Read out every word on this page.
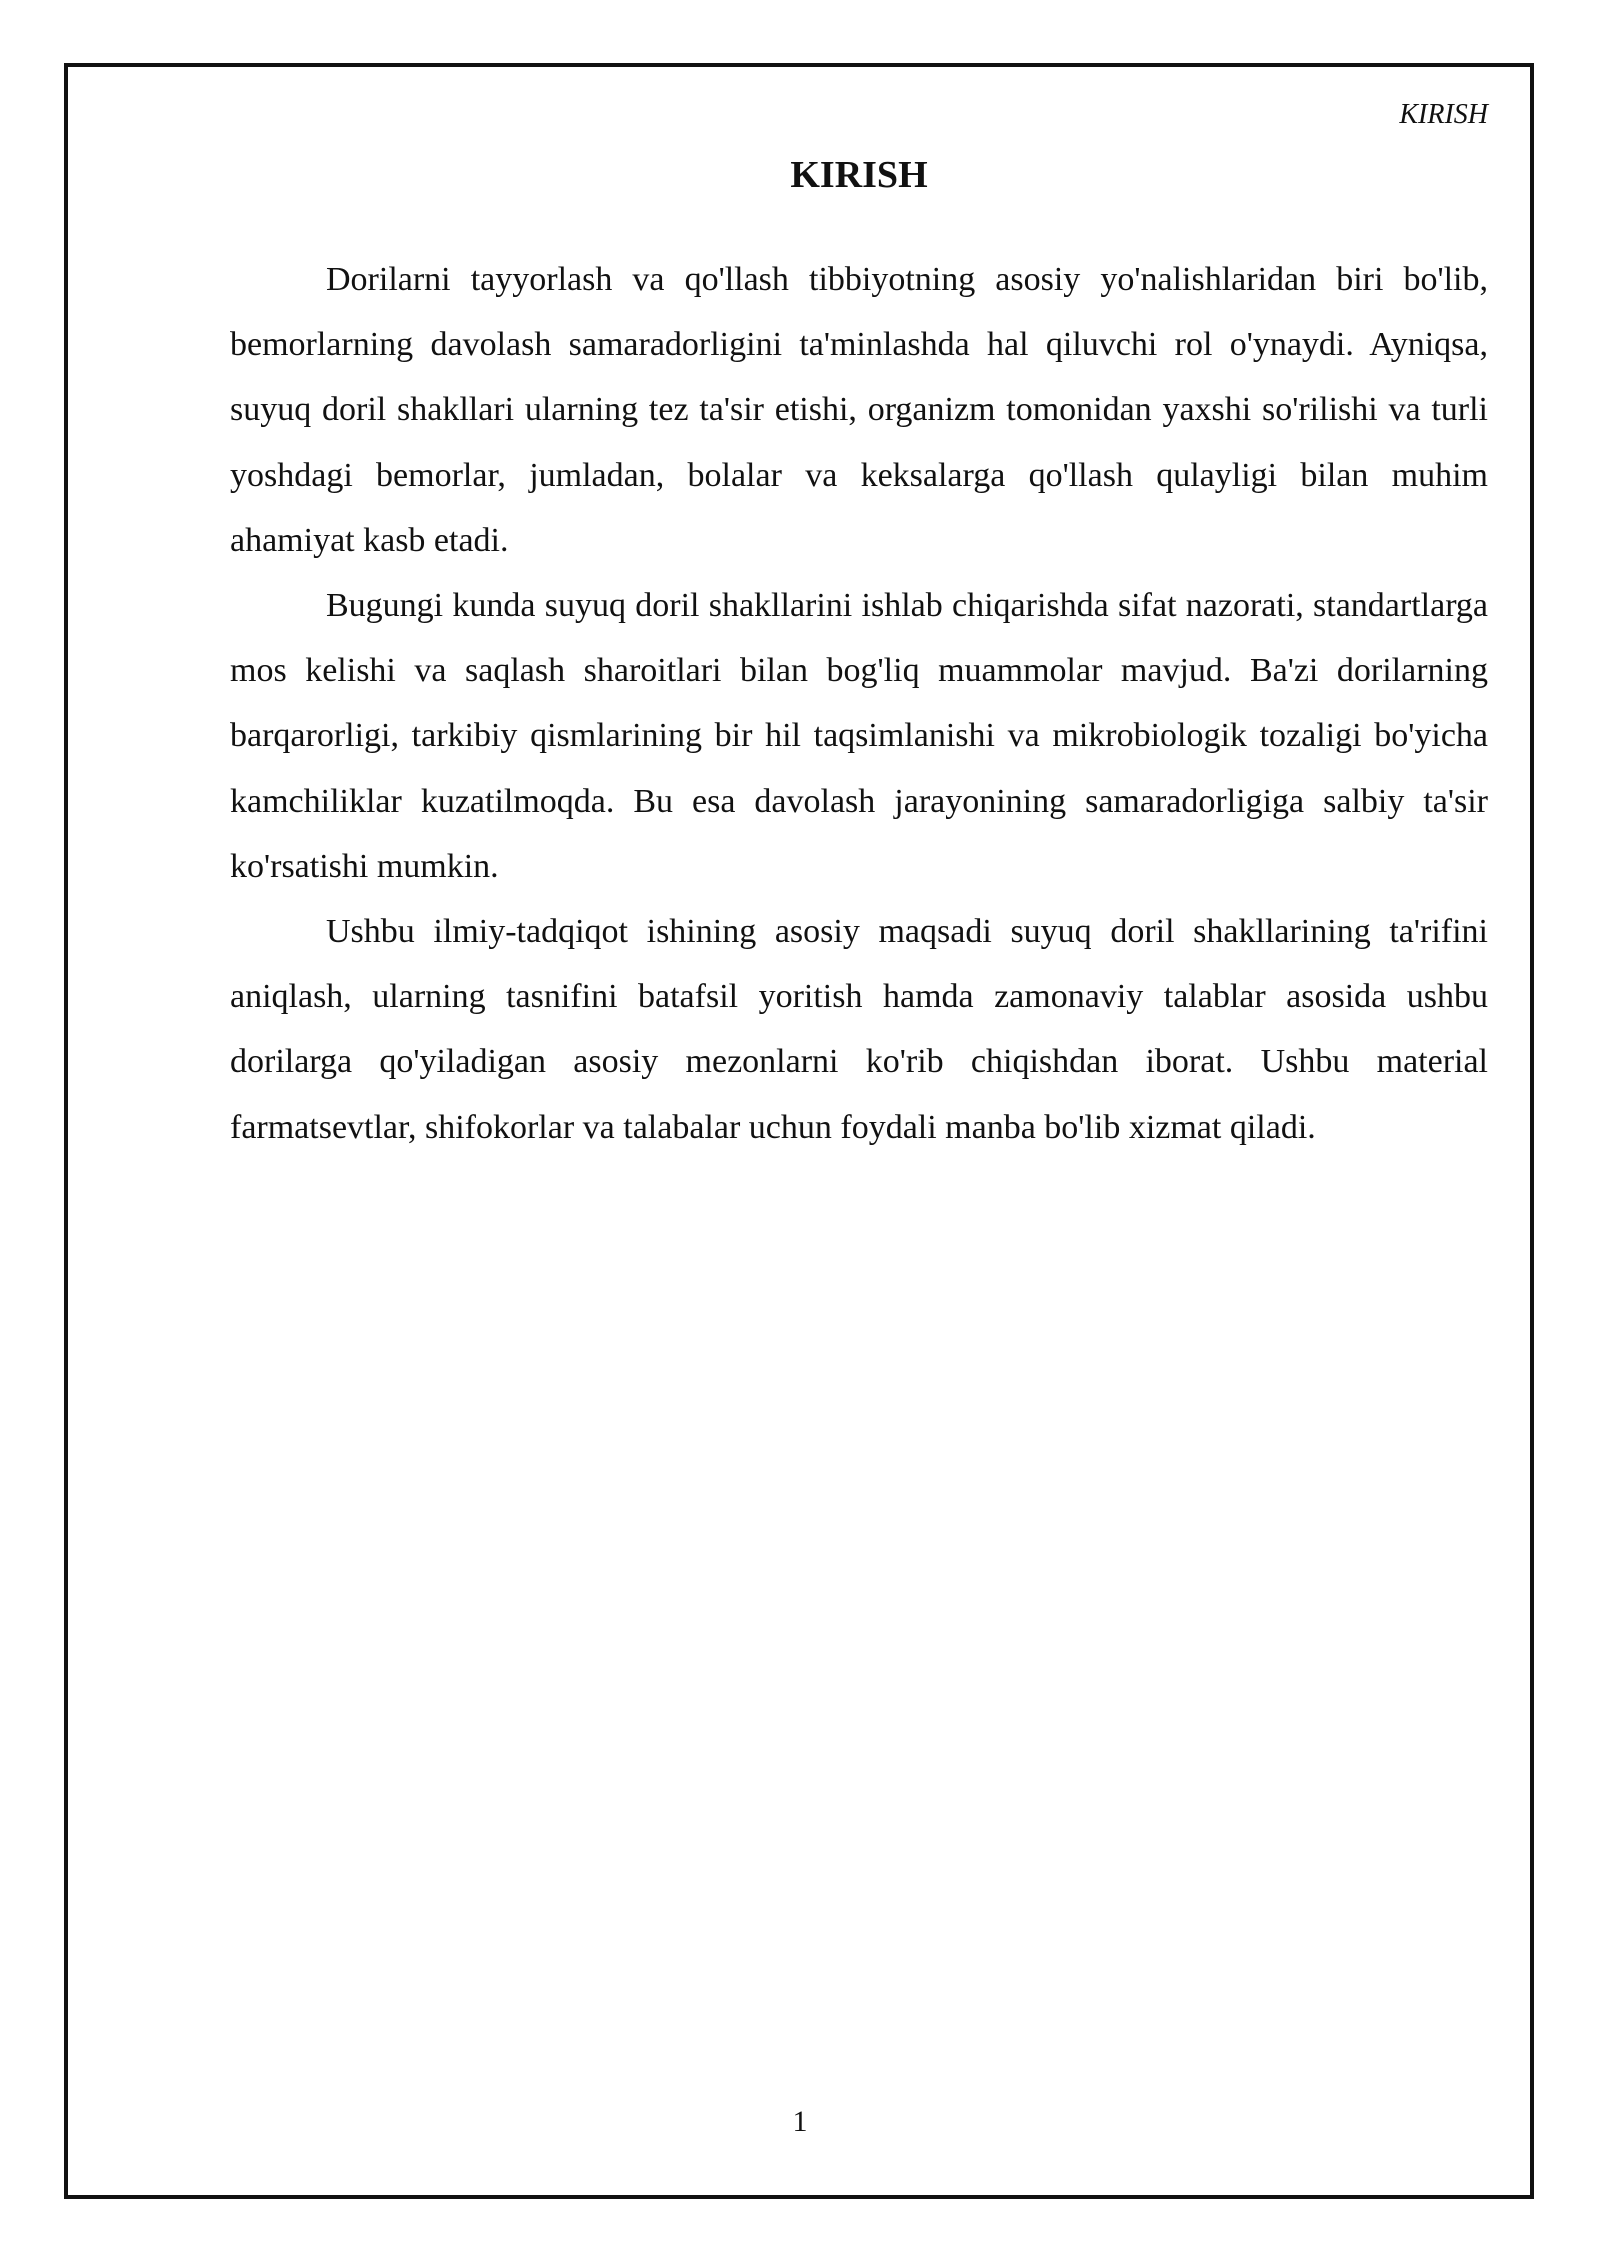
KIRISH
KIRISH

Dorilarni tayyorlash va qo'llash tibbiyotning asosiy yo'nalishlaridan biri bo'lib, bemorlarning davolash samaradorligini ta'minlashda hal qiluvchi rol o'ynaydi. Ayniqsa, suyuq doril shakllari ularning tez ta'sir etishi, organizm tomonidan yaxshi so'rilishi va turli yoshdagi bemorlar, jumladan, bolalar va keksalarga qo'llash qulayligi bilan muhim ahamiyat kasb etadi.

Bugungi kunda suyuq doril shakllarini ishlab chiqarishda sifat nazorati, standartlarga mos kelishi va saqlash sharoitlari bilan bog'liq muammolar mavjud. Ba'zi dorilarning barqarorligi, tarkibiy qismlarining bir hil taqsimlanishi va mikrobiologik tozaligi bo'yicha kamchiliklar kuzatilmoqda. Bu esa davolash jarayonining samaradorligiga salbiy ta'sir ko'rsatishi mumkin.

Ushbu ilmiy-tadqiqot ishining asosiy maqsadi suyuq doril shakllarining ta'rifini aniqlash, ularning tasnifini batafsil yoritish hamda zamonaviy talablar asosida ushbu dorilarga qo'yiladigan asosiy mezonlarni ko'rib chiqishdan iborat. Ushbu material farmatsevtlar, shifokorlar va talabalar uchun foydali manba bo'lib xizmat qiladi.

1
